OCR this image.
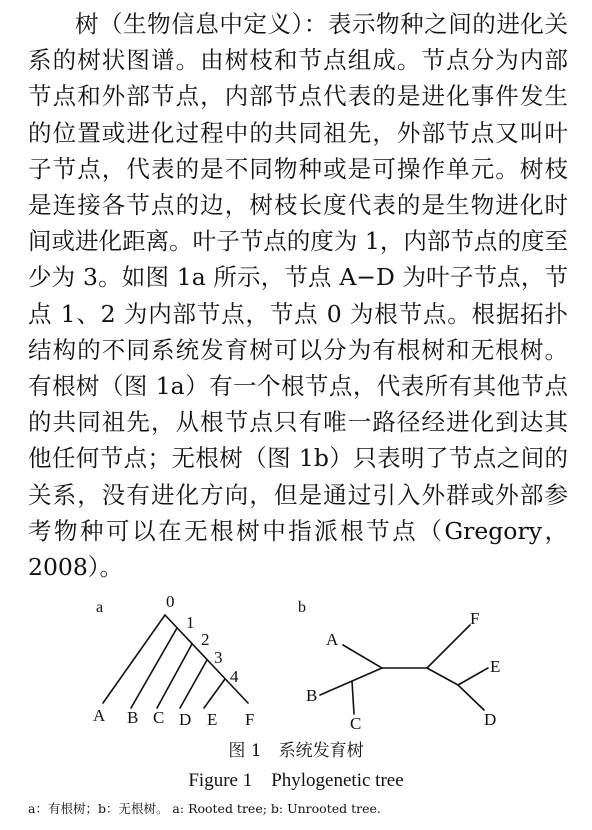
树（生物信息中定义）：表示物种之间的进化关系的树状图谱。由树枝和节点组成。节点分为内部节点和外部节点，内部节点代表的是进化事件发生的位置或进化过程中的共同祖先，外部节点又叫叶子节点，代表的是不同物种或是可操作单元。树枝是连接各节点的边，树枝长度代表的是生物进化时间或进化距离。叶子节点的度为 1，内部节点的度至少为 3。如图 1a 所示，节点 A−D 为叶子节点，节点 1、2 为内部节点，节点 0 为根节点。根据拓扑结构的不同系统发育树可以分为有根树和无根树。有根树（图 1a）有一个根节点，代表所有其他节点的共同祖先，从根节点只有唯一路径经进化到达其他任何节点；无根树（图 1b）只表明了节点之间的关系，没有进化方向，但是通过引入外群或外部参考物种可以在无根树中指派根节点（Gregory，2008）。

a	0
1
2
3
4
A B C D E F
b
A
B
C	D
E
F
图 1　系统发育树
Figure 1　Phylogenetic tree
a：有根树；b：无根树。 a: Rooted tree; b: Unrooted tree.
